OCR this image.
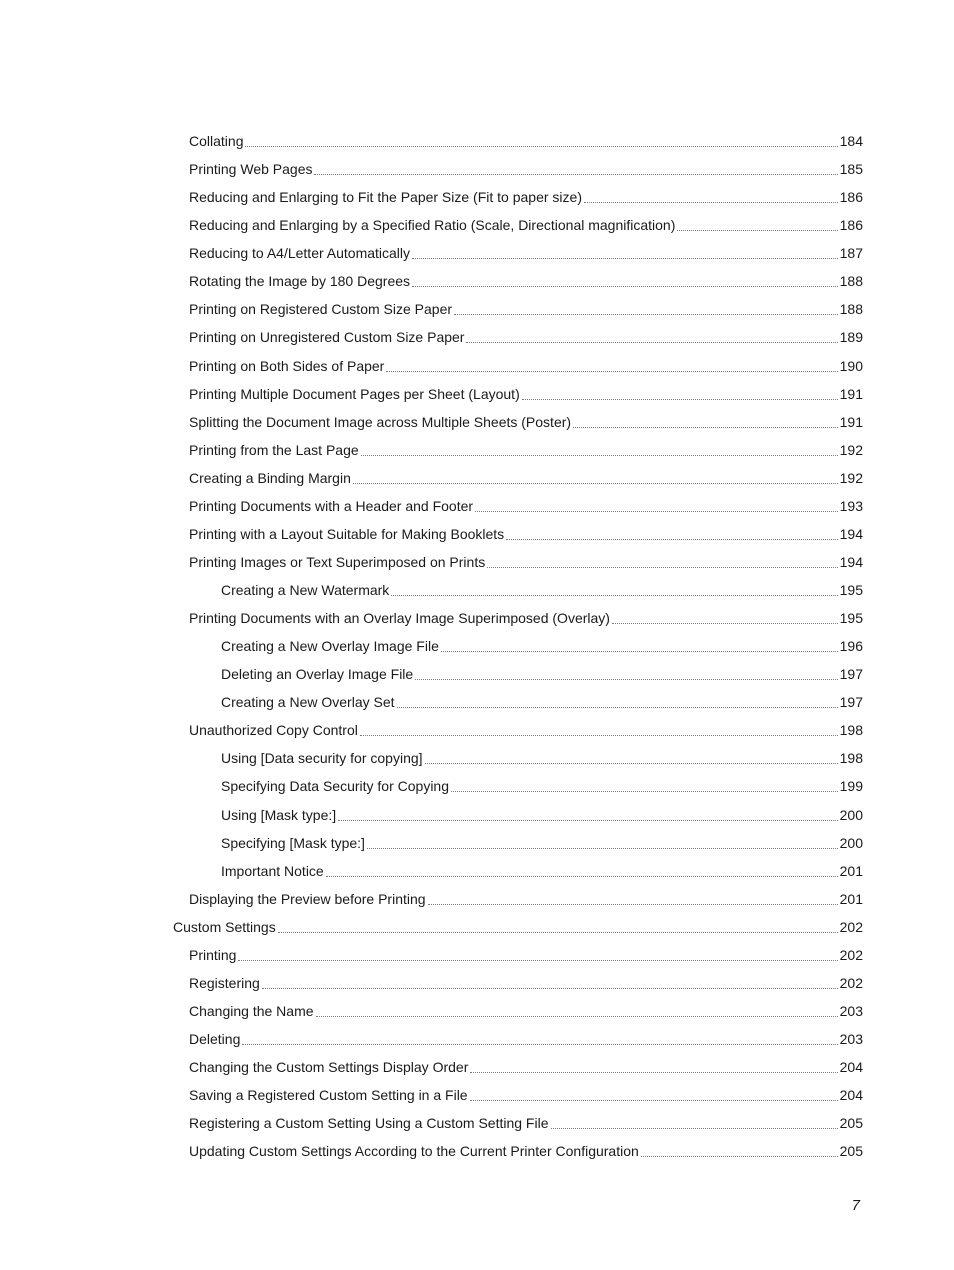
Collating	184
Printing Web Pages	185
Reducing and Enlarging to Fit the Paper Size (Fit to paper size)	186
Reducing and Enlarging by a Specified Ratio (Scale, Directional magnification)	186
Reducing to A4/Letter Automatically	187
Rotating the Image by 180 Degrees	188
Printing on Registered Custom Size Paper	188
Printing on Unregistered Custom Size Paper	189
Printing on Both Sides of Paper	190
Printing Multiple Document Pages per Sheet (Layout)	191
Splitting the Document Image across Multiple Sheets (Poster)	191
Printing from the Last Page	192
Creating a Binding Margin	192
Printing Documents with a Header and Footer	193
Printing with a Layout Suitable for Making Booklets	194
Printing Images or Text Superimposed on Prints	194
Creating a New Watermark	195
Printing Documents with an Overlay Image Superimposed (Overlay)	195
Creating a New Overlay Image File	196
Deleting an Overlay Image File	197
Creating a New Overlay Set	197
Unauthorized Copy Control	198
Using [Data security for copying]	198
Specifying Data Security for Copying	199
Using [Mask type:]	200
Specifying [Mask type:]	200
Important Notice	201
Displaying the Preview before Printing	201
Custom Settings	202
Printing	202
Registering	202
Changing the Name	203
Deleting	203
Changing the Custom Settings Display Order	204
Saving a Registered Custom Setting in a File	204
Registering a Custom Setting Using a Custom Setting File	205
Updating Custom Settings According to the Current Printer Configuration	205
7
